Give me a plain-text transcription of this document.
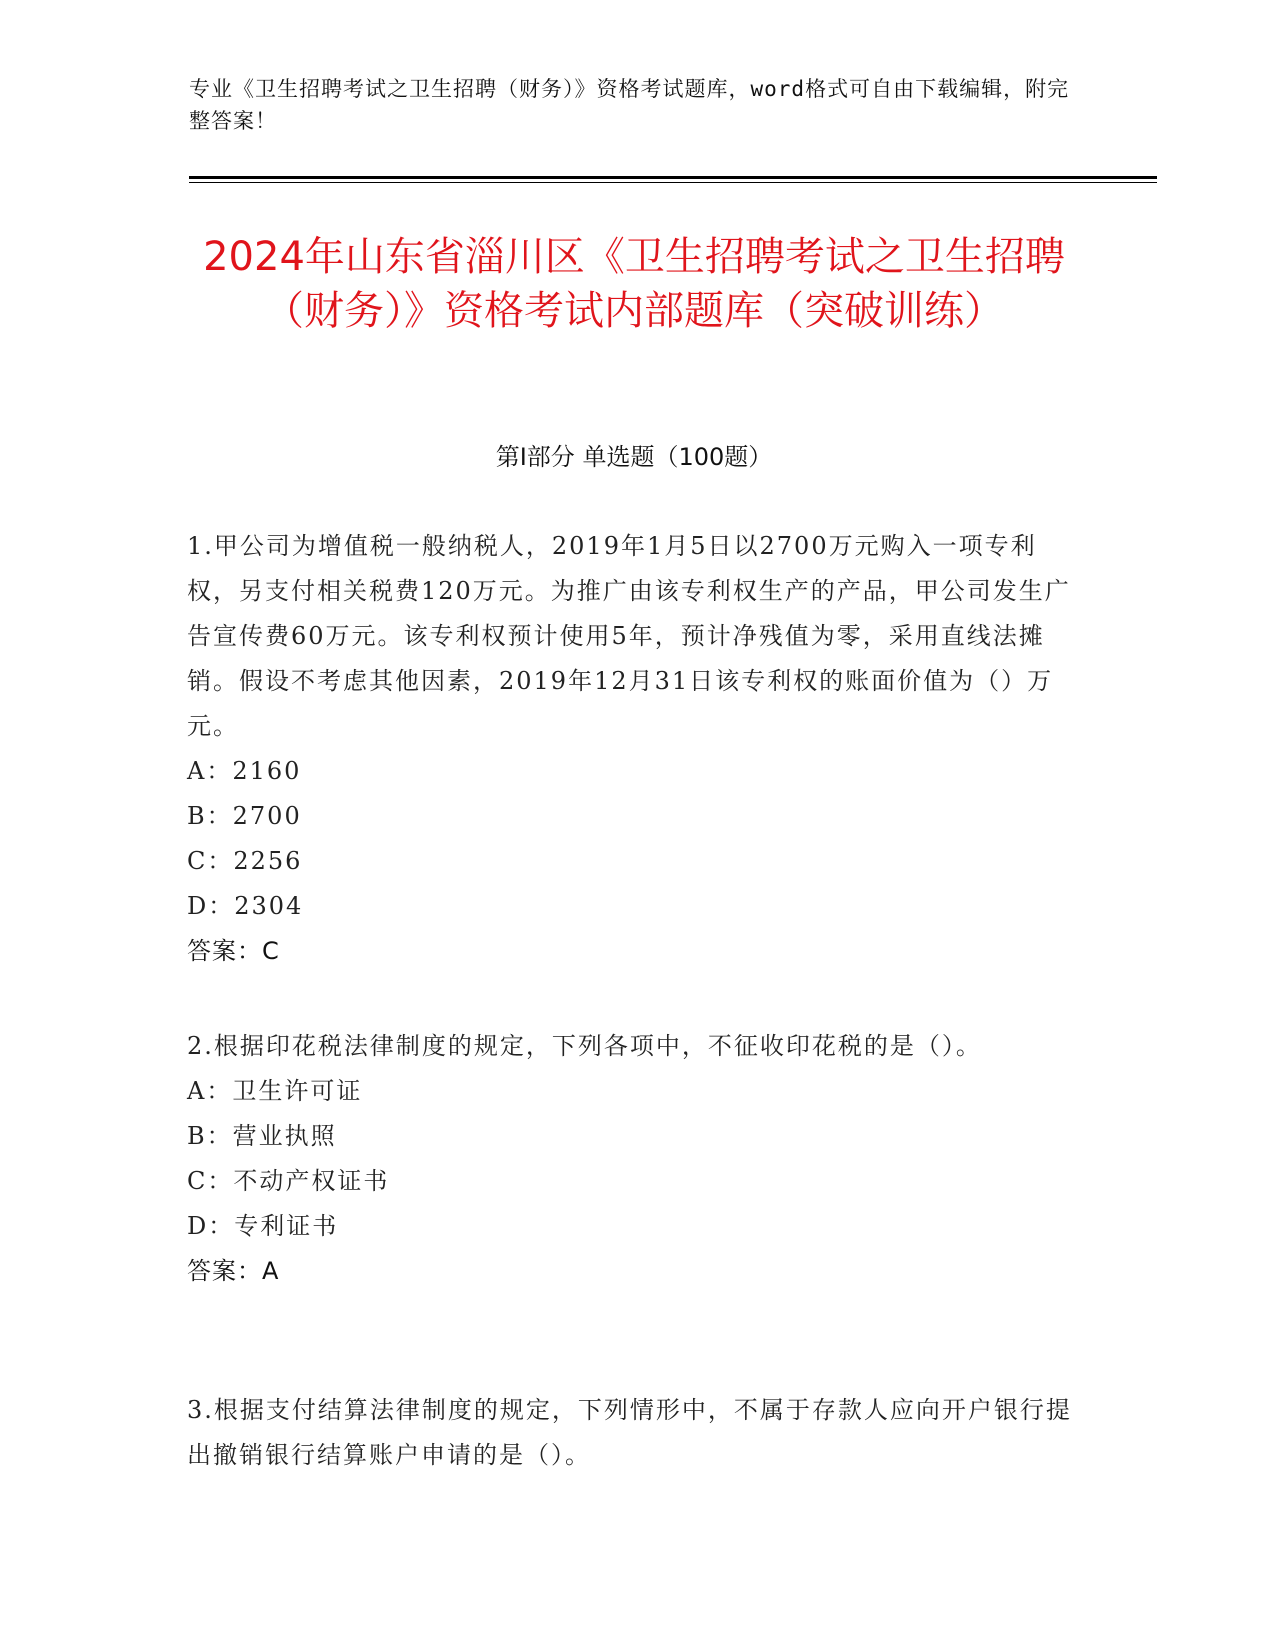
专业《卫生招聘考试之卫生招聘（财务）》资格考试题库，word格式可自由下载编辑，附完整答案！
2024年山东省淄川区《卫生招聘考试之卫生招聘（财务）》资格考试内部题库（突破训练）
第Ⅰ部分 单选题（100题）

1.甲公司为增值税一般纳税人，2019年1月5日以2700万元购入一项专利权，另支付相关税费120万元。为推广由该专利权生产的产品，甲公司发生广告宣传费60万元。该专利权预计使用5年，预计净残值为零，采用直线法摊销。假设不考虑其他因素，2019年12月31日该专利权的账面价值为（）万元。

A：2160

B：2700

C：2256

D：2304

答案：C

2.根据印花税法律制度的规定，下列各项中，不征收印花税的是（）。

A：卫生许可证

B：营业执照

C：不动产权证书

D：专利证书

答案：A

3.根据支付结算法律制度的规定，下列情形中，不属于存款人应向开户银行提出撤销银行结算账户申请的是（）。
